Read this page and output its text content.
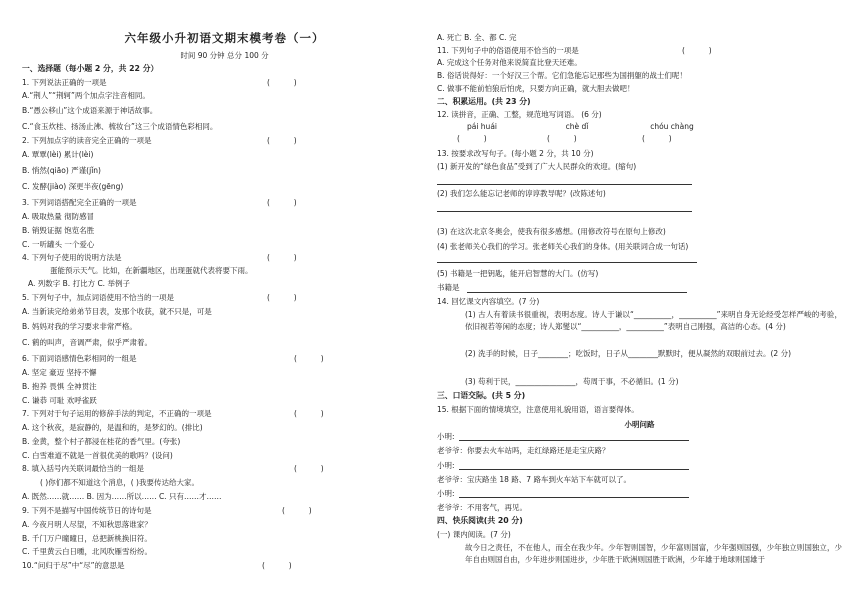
六年级小升初语文期末模考卷（一）
时间 90 分钟 总分 100 分
一、选择题（每小题 2 分，共 22 分）
1. 下列说法正确的一项是	(          )
A.“荆人”“荆轲”两个加点字注音相同。
B.“愚公移山”这个成语来源于神话故事。
C.“食玉炊桂、扬汤止沸、梳妆台”这三个成语情色彩相同。
2. 下列加点字的读音完全正确的一项是	(          )
A. 覃覃(lèi) 累计(lèi)
B. 悄然(qiāo) 严谨(jǐn)
C. 发酵(jiào) 深更半夜(gēng)
3. 下列词语搭配完全正确的一项是	(          )
A. 吸取热量 彻防感冒
B. 销毁证据 饱览名胜
C. 一听罐头 一个爱心
4. 下列句子使用的说明方法是	(          )
蛋能预示天气。比如，在新疆地区，出现蛋就代表将要下雨。
A. 列数字 B. 打比方 C. 举例子
5. 下列句子中，加点词语使用不恰当的一项是	(          )
A. 当新读完给弟弟节目表，发那个收获，就不只是，可是
B. 妈妈对我的学习要求非常严格。
C. 鹤的叫声，音调严肃，似乎严肃着。
6. 下面词语感情色彩相同的一组是	(          )
A. 坚定 豪迈 坚持不懈
B. 抱养 畏惧 全神贯注
C. 谦恭 可耻 欢呼雀跃
7. 下列对于句子运用的修辞手法的判定，不正确的一项是	(          )
A. 这个秋夜，是寂静的，是温和的，是梦幻的。(排比)
B. 金黄，整个村子都浸在桂花的香气里。(夸张)
C. 白雪难道不就是一首很优美的歌吗？(设问)
8. 填入括号内关联词最恰当的一组是	(          )
( )你们都不知道这个消息，( )我要传达给大家。
A. 既然……就…… B. 因为……所以…… C. 只有……才……
9. 下列不是描写中国传统节日的诗句是	(          )
A. 今夜月明人尽望，不知秋思落谁家？
B. 千门万户曈曈日，总把新桃换旧符。
C. 千里黄云白日曛，北风吹雁雪纷纷。
10.“问归于尽”中“尽”的意思是	(          )
A. 死亡 B. 全、都 C. 完
11. 下列句子中的俗语使用不恰当的一项是	(          )
A. 完成这个任务对他来说简直比登天还难。
B. 俗话说得好：一个好汉三个帮。它们急能忘记那些为国捐躯的战士们呢！
C. 做事不能前怕狼后怕虎，只要方向正确，就大胆去做吧！
二、积累运用。(共 23 分)
12. 读拼音，正确、工整，规范地写词语。 (6 分)
pái huái	chè dǐ	chóu chàng
(          )	(          )	(          )
13. 按要求改写句子。(每小题 2 分，共 10 分)
(1) 新开发的“绿色食品”受到了广大人民群众的欢迎。(缩句)
(2) 我们怎么能忘记老师的谆谆教导呢？(改陈述句)
(3) 在这次北京冬奥会，使我有很多感想。(用修改符号在原句上修改)
(4) 张老师关心我们的学习。张老师关心我们的身体。(用关联词合成一句话)
(5) 书籍是一把钥匙，能开启智慧的大门。(仿写)
书籍是
14. 回忆课文内容填空。(7 分)
(1) 古人有着读书很重视，表明态度。诗人于谦以“__________，__________”来明自身无论经受怎样严峻的考验，依旧视若等闲的态度；诗人郑燮以“__________，__________”表明自己刚强，高洁的心态。(4 分)
(2) 洗手的时候，日子________；吃饭时，日子从________默默时，便从凝然的双眼前过去。(2 分)
(3) 苟利于民，________________，苟周于事，不必循旧。(1 分)
三、口语交际。(共 5 分)
15. 根据下面的情境填空，注意使用礼貌用语，语言要得体。
小明问路
小明:
老爷爷：你要去火车站吗，走红绿路还是走宝庆路？
小明:
老爷爷：宝庆路坐 18 路、7 路车到火车站下车就可以了。
小明:
老爷爷：不用客气，再见。
四、快乐阅读(共 20 分)
(一) 课内阅读。(7 分)
故今日之责任，不在他人，而全在我少年。少年智则国智，少年富则国富，少年强则国强，少年独立则国独立，少年自由则国自由，少年进步则国进步，少年胜于欧洲则国胜于欧洲，少年雄于地球则国雄于
